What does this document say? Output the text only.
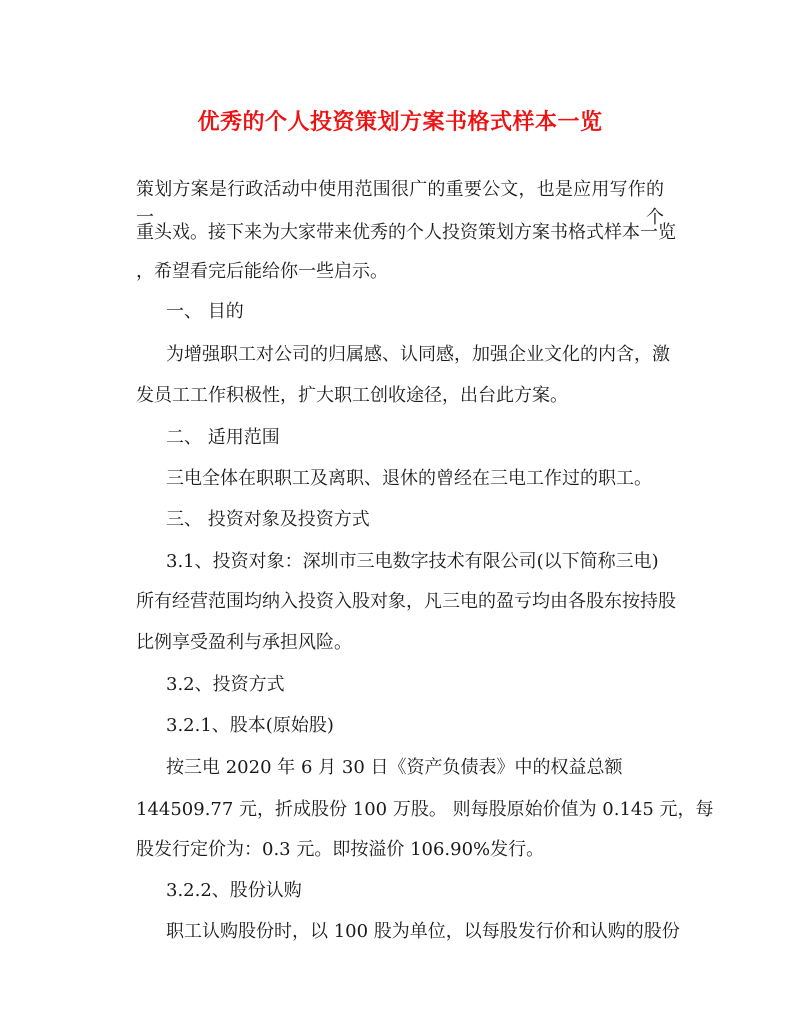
优秀的个人投资策划方案书格式样本一览
策划方案是行政活动中使用范围很广的重要公文，也是应用写作的一个
重头戏。接下来为大家带来优秀的个人投资策划方案书格式样本一览
，希望看完后能给你一些启示。
一、 目的
为增强职工对公司的归属感、认同感，加强企业文化的内含，激
发员工工作积极性，扩大职工创收途径，出台此方案。
二、 适用范围
三电全体在职职工及离职、退休的曾经在三电工作过的职工。
三、 投资对象及投资方式
3.1、投资对象：深圳市三电数字技术有限公司(以下简称三电)
所有经营范围均纳入投资入股对象，凡三电的盈亏均由各股东按持股
比例享受盈利与承担风险。
3.2、投资方式
3.2.1、股本(原始股)
按三电 2020 年 6 月 30 日《资产负债表》中的权益总额
144509.77 元，折成股份 100 万股。 则每股原始价值为 0.145 元，每
股发行定价为：0.3 元。即按溢价 106.90%发行。
3.2.2、股份认购
职工认购股份时，以 100 股为单位，以每股发行价和认购的股份
